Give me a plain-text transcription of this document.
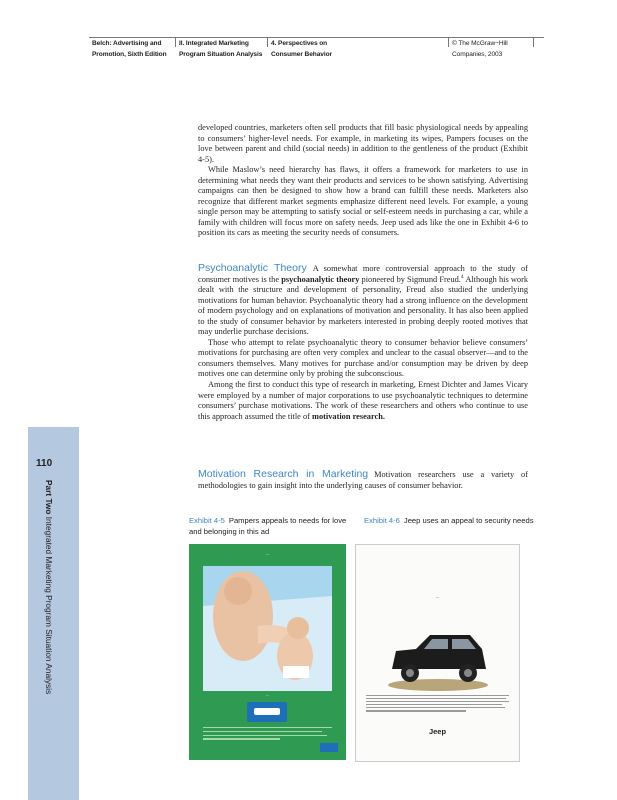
Belch: Advertising and
Promotion, Sixth Edition
II. Integrated Marketing
Program Situation Analysis
4. Perspectives on
Consumer Behavior
© The McGraw−Hill
Companies, 2003
110
Part Two Integrated Marketing Program Situation Analysis

developed countries, marketers often sell products that fill basic physiological needs by appealing to consumers’ higher-level needs. For example, in marketing its wipes, Pampers focuses on the love between parent and child (social needs) in addition to the gentleness of the product (Exhibit 4-5).

While Maslow’s need hierarchy has flaws, it offers a framework for marketers to use in determining what needs they want their products and services to be shown satisfying. Advertising campaigns can then be designed to show how a brand can fulfill these needs. Marketers also recognize that different market segments emphasize different need levels. For example, a young single person may be attempting to satisfy social or self-esteem needs in purchasing a car, while a family with children will focus more on safety needs. Jeep used ads like the one in Exhibit 4-6 to position its cars as meeting the security needs of consumers.

Psychoanalytic Theory A somewhat more controversial approach to the study of consumer motives is the psychoanalytic theory pioneered by Sigmund Freud.$^4$ Although his work dealt with the structure and development of personality, Freud also studied the underlying motivations for human behavior. Psychoanalytic theory had a strong influence on the development of modern psychology and on explanations of motivation and personality. It has also been applied to the study of consumer behavior by marketers interested in probing deeply rooted motives that may underlie purchase decisions.

Those who attempt to relate psychoanalytic theory to consumer behavior believe consumers’ motivations for purchasing are often very complex and unclear to the casual observer—and to the consumers themselves. Many motives for purchase and/or consumption may be driven by deep motives one can determine only by probing the subconscious.

Among the first to conduct this type of research in marketing, Ernest Dichter and James Vicary were employed by a number of major corporations to use psychoanalytic techniques to determine consumers’ purchase motivations. The work of these researchers and others who continue to use this approach assumed the title of motivation research.

Motivation Research in Marketing Motivation researchers use a variety of methodologies to gain insight into the underlying causes of consumer behavior.

Exhibit 4-5 Pampers appeals to needs for love and belonging in this ad
Exhibit 4-6 Jeep uses an appeal to security needs
...
...
...
Jeep
